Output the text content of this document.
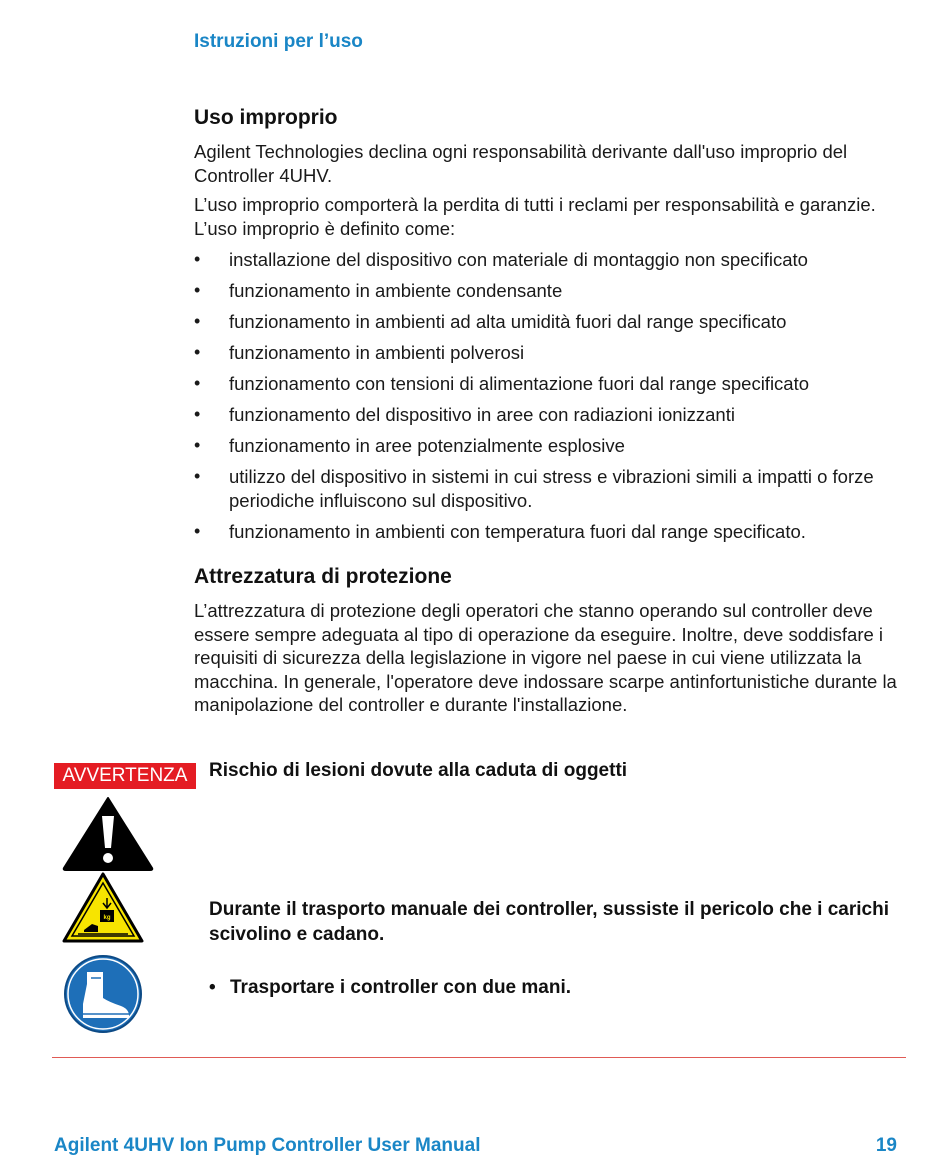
Istruzioni per l’uso
Uso improprio

Agilent Technologies declina ogni responsabilità derivante dall'uso improprio del Controller 4UHV.

L’uso improprio comporterà la perdita di tutti i reclami per responsabilità e garanzie. L’uso improprio è definito come:

• installazione del dispositivo con materiale di montaggio non specificato
• funzionamento in ambiente condensante
• funzionamento in ambienti ad alta umidità fuori dal range specificato
• funzionamento in ambienti polverosi
• funzionamento con tensioni di alimentazione fuori dal range specificato
• funzionamento del dispositivo in aree con radiazioni ionizzanti
• funzionamento in aree potenzialmente esplosive
• utilizzo del dispositivo in sistemi in cui stress e vibrazioni simili a impatti o forze periodiche influiscono sul dispositivo.
• funzionamento in ambienti con temperatura fuori dal range specificato.
Attrezzatura di protezione

L’attrezzatura di protezione degli operatori che stanno operando sul controller deve essere sempre adeguata al tipo di operazione da eseguire. Inoltre, deve soddisfare i requisiti di sicurezza della legislazione in vigore nel paese in cui viene utilizzata la macchina. In generale, l'operatore deve indossare scarpe antinfortunistiche durante la manipolazione del controller e durante l'installazione.

AVVERTENZA	Rischio di lesioni dovute alla caduta di oggetti
kg	Durante il trasporto manuale dei controller, sussiste il pericolo che i carichi scivolino e cadano.
• Trasportare i controller con due mani.
Agilent 4UHV Ion Pump Controller User Manual	19
